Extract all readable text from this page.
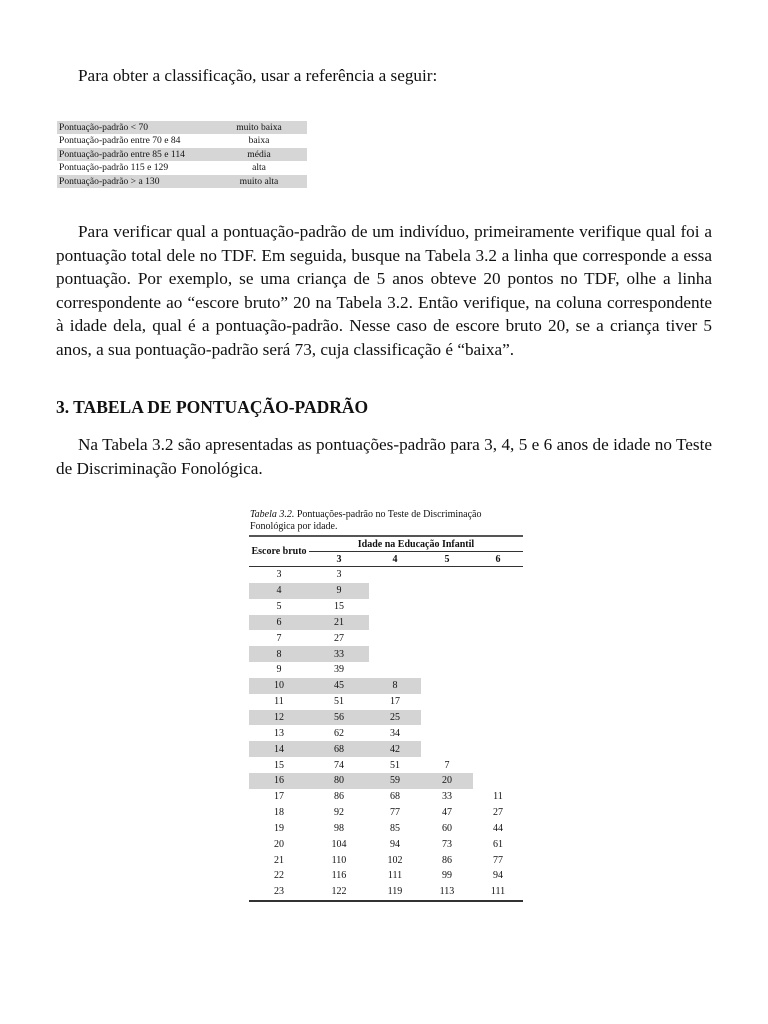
Para obter a classificação, usar a referência a seguir:

Pontuação-padrão < 70	muito baixa
Pontuação-padrão entre 70 e 84	baixa
Pontuação-padrão entre 85 e 114	média
Pontuação-padrão 115 e 129	alta
Pontuação-padrão > a 130	muito alta

Para verificar qual a pontuação-padrão de um indivíduo, primeiramente verifique qual foi a pontuação total dele no TDF. Em seguida, busque na Tabela 3.2 a linha que corresponde a essa pontuação. Por exemplo, se uma criança de 5 anos obteve 20 pontos no TDF, olhe a linha correspondente ao “escore bruto” 20 na Tabela 3.2. Então verifique, na coluna correspondente à idade dela, qual é a pontuação-padrão. Nesse caso de escore bruto 20, se a criança tiver 5 anos, a sua pontuação-padrão será 73, cuja classificação é “baixa”.

3. TABELA DE PONTUAÇÃO-PADRÃO

Na Tabela 3.2 são apresentadas as pontuações-padrão para 3, 4, 5 e 6 anos de idade no Teste de Discriminação Fonológica.

Tabela 3.2. Pontuações-padrão no Teste de Discriminação Fonológica por idade.

Escore bruto	Idade na Educação Infantil			
	3	4	5	6
3	3			
4	9			
5	15			
6	21			
7	27			
8	33			
9	39			
10	45	8		
11	51	17		
12	56	25		
13	62	34		
14	68	42		
15	74	51	7	
16	80	59	20	
17	86	68	33	11
18	92	77	47	27
19	98	85	60	44
20	104	94	73	61
21	110	102	86	77
22	116	111	99	94
23	122	119	113	111
